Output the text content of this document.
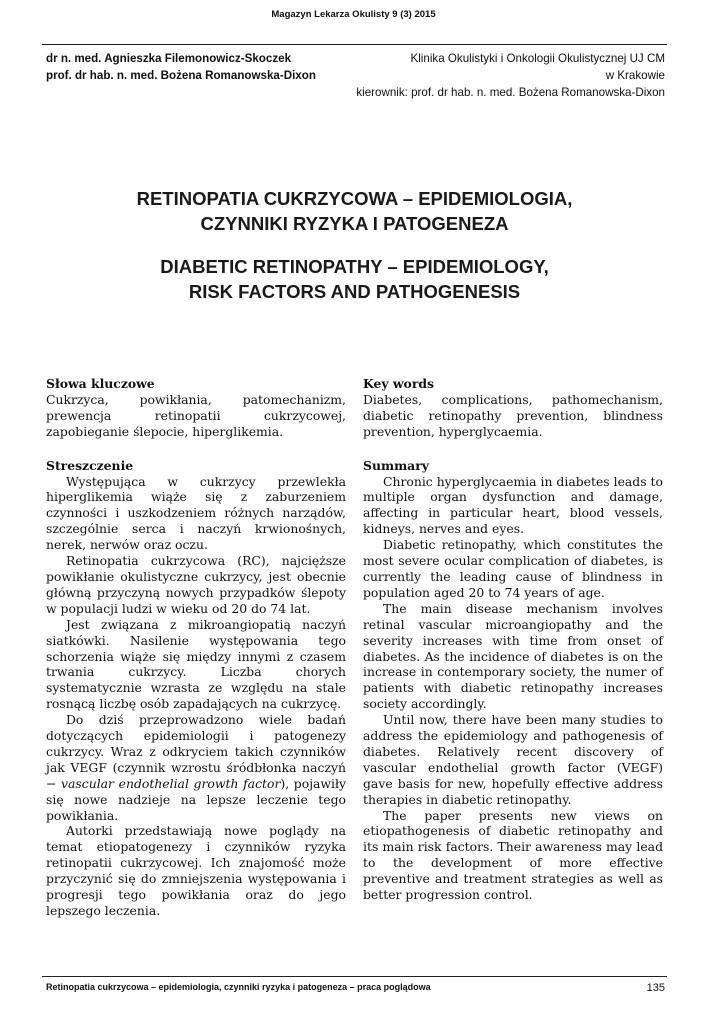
Magazyn Lekarza Okulisty 9 (3) 2015
dr n. med. Agnieszka Filemonowicz-Skoczek
prof. dr hab. n. med. Bożena Romanowska-Dixon
Klinika Okulistyki i Onkologii Okulistycznej UJ CM
w Krakowie
kierownik: prof. dr hab. n. med. Bożena Romanowska-Dixon
RETINOPATIA CUKRZYCOWA – EPIDEMIOLOGIA,
CZYNNIKI RYZYKA I PATOGENEZA
DIABETIC RETINOPATHY – EPIDEMIOLOGY,
RISK FACTORS AND PATHOGENESIS
Słowa kluczowe
Cukrzyca, powikłania, patomechanizm, prewencja retinopatii cukrzycowej, zapobieganie ślepocie, hiperglikemia.
Streszczenie

Występująca w cukrzycy przewlekła hiperglikemia wiąże się z zaburzeniem czynności i uszkodzeniem różnych narządów, szczególnie serca i naczyń krwionośnych, nerek, nerwów oraz oczu.

Retinopatia cukrzycowa (RC), najcięższe powikłanie okulistyczne cukrzycy, jest obecnie główną przyczyną nowych przypadków ślepoty w populacji ludzi w wieku od 20 do 74 lat.

Jest związana z mikroangiopatią naczyń siatkówki. Nasilenie występowania tego schorzenia wiąże się między innymi z czasem trwania cukrzycy. Liczba chorych systematycznie wzrasta ze względu na stale rosnącą liczbę osób zapadających na cukrzycę.

Do dziś przeprowadzono wiele badań dotyczących epidemiologii i patogenezy cukrzycy. Wraz z odkryciem takich czynników jak VEGF (czynnik wzrostu śródbłonka naczyń − vascular endothelial growth factor), pojawiły się nowe nadzieje na lepsze leczenie tego powikłania.

Autorki przedstawiają nowe poglądy na temat etiopatogenezy i czynników ryzyka retinopatii cukrzycowej. Ich znajomość może przyczynić się do zmniejszenia występowania i progresji tego powikłania oraz do jego lepszego leczenia.

Key words
Diabetes, complications, pathomechanism, diabetic retinopathy prevention, blindness prevention, hyperglycaemia.
Summary

Chronic hyperglycaemia in diabetes leads to multiple organ dysfunction and damage, affecting in particular heart, blood vessels, kidneys, nerves and eyes.

Diabetic retinopathy, which constitutes the most severe ocular complication of diabetes, is currently the leading cause of blindness in population aged 20 to 74 years of age.

The main disease mechanism involves retinal vascular microangiopathy and the severity increases with time from onset of diabetes. As the incidence of diabetes is on the increase in contemporary society, the numer of patients with diabetic retinopathy increases society accordingly.

Until now, there have been many studies to address the epidemiology and pathogenesis of diabetes. Relatively recent discovery of vascular endothelial growth factor (VEGF) gave basis for new, hopefully effective address therapies in diabetic retinopathy.

The paper presents new views on etiopathogenesis of diabetic retinopathy and its main risk factors. Their awareness may lead to the development of more effective preventive and treatment strategies as well as better progression control.

Retinopatia cukrzycowa – epidemiologia, czynniki ryzyka i patogeneza – praca poglądowa	135
